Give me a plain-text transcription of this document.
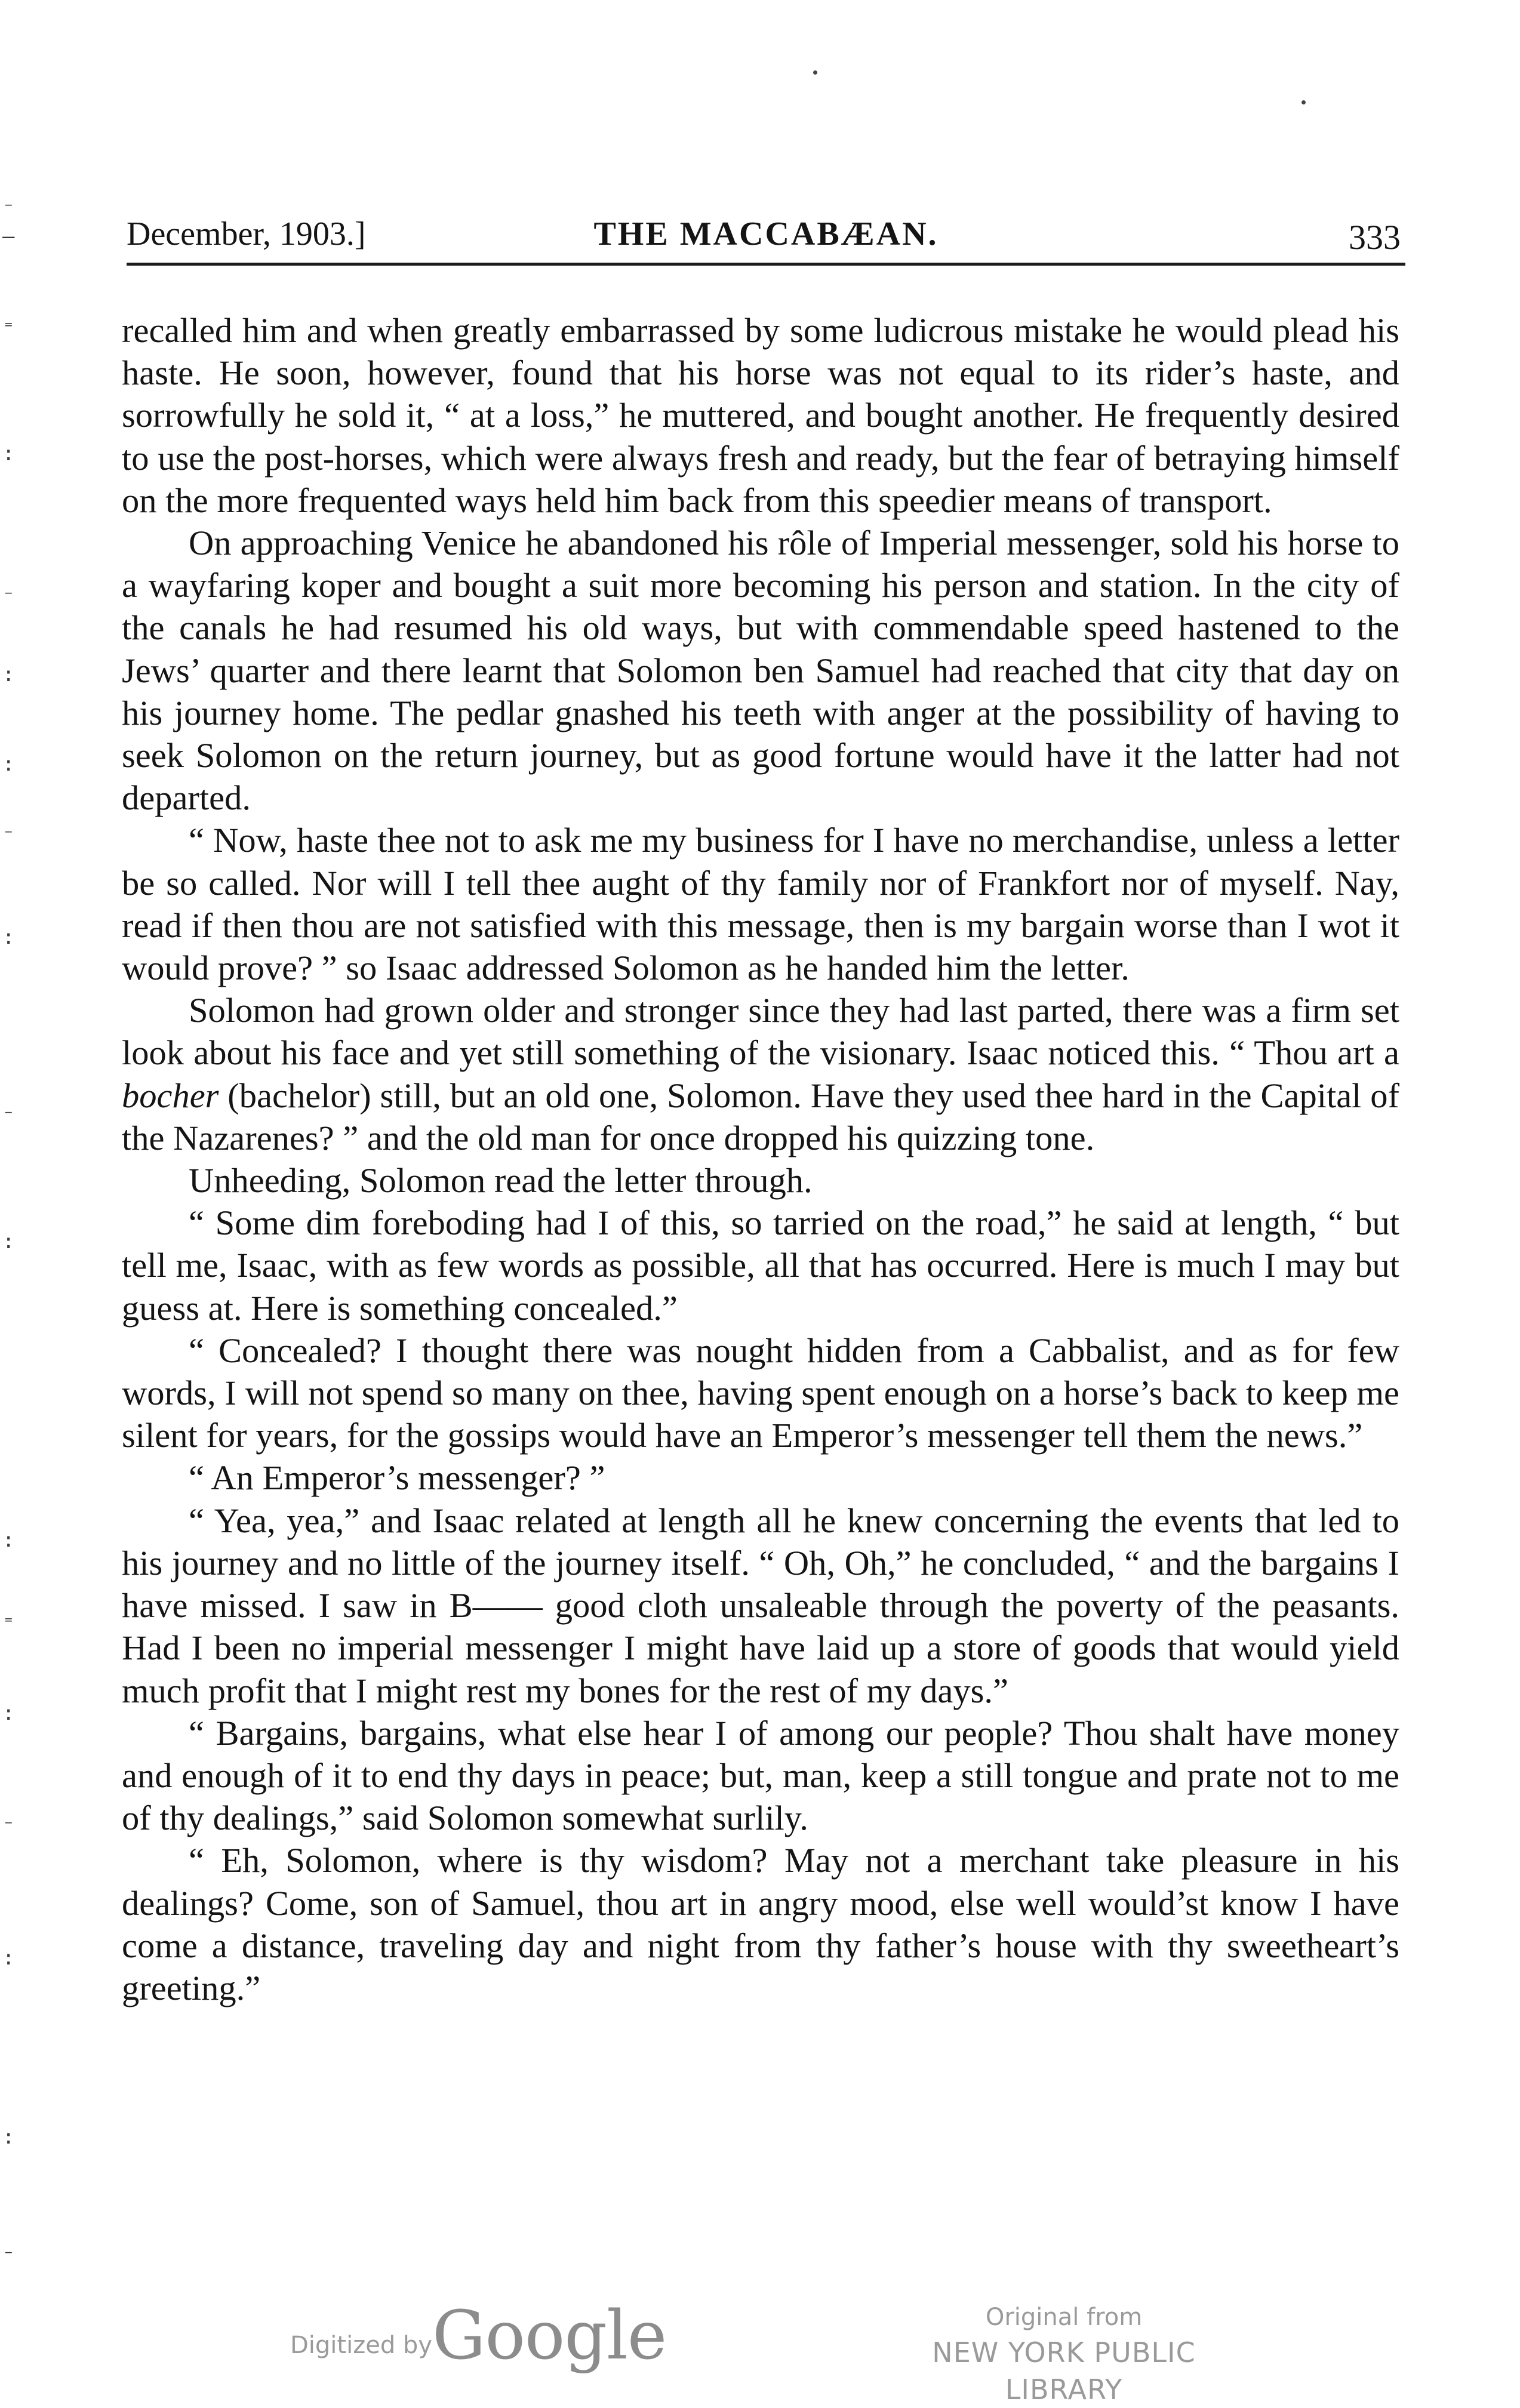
⁻
—
⁼
:
⁻
:
:
⁻
:
⁻
:
:
⁼
:
⁻
:
:
⁻
December, 1903.]	THE MACCABÆAN.	333

recalled him and when greatly embarrassed by some ludicrous mistake he would plead his haste. He soon, however, found that his horse was not equal to its rider’s haste, and sorrowfully he sold it, “ at a loss,” he muttered, and bought another. He frequently desired to use the post-horses, which were always fresh and ready, but the fear of betraying himself on the more frequented ways held him back from this speedier means of transport.

On approaching Venice he abandoned his rôle of Imperial messenger, sold his horse to a wayfaring koper and bought a suit more becoming his person and station. In the city of the canals he had resumed his old ways, but with commendable speed hastened to the Jews’ quarter and there learnt that Solomon ben Samuel had reached that city that day on his journey home. The pedlar gnashed his teeth with anger at the possibility of having to seek Solomon on the return journey, but as good fortune would have it the latter had not departed.

“ Now, haste thee not to ask me my business for I have no merchandise, unless a letter be so called. Nor will I tell thee aught of thy family nor of Frankfort nor of myself. Nay, read if then thou are not satisfied with this message, then is my bargain worse than I wot it would prove? ” so Isaac addressed Solomon as he handed him the letter.

Solomon had grown older and stronger since they had last parted, there was a firm set look about his face and yet still something of the visionary. Isaac noticed this. “ Thou art a bocher (bachelor) still, but an old one, Solomon. Have they used thee hard in the Capital of the Nazarenes? ” and the old man for once dropped his quizzing tone.

Unheeding, Solomon read the letter through.

“ Some dim foreboding had I of this, so tarried on the road,” he said at length, “ but tell me, Isaac, with as few words as possible, all that has occurred. Here is much I may but guess at. Here is something concealed.”

“ Concealed? I thought there was nought hidden from a Cabbalist, and as for few words, I will not spend so many on thee, having spent enough on a horse’s back to keep me silent for years, for the gossips would have an Emperor’s messenger tell them the news.”

“ An Emperor’s messenger? ”

“ Yea, yea,” and Isaac related at length all he knew concerning the events that led to his journey and no little of the journey itself. “ Oh, Oh,” he concluded, “ and the bargains I have missed. I saw in B—— good cloth unsaleable through the poverty of the peasants. Had I been no imperial messenger I might have laid up a store of goods that would yield much profit that I might rest my bones for the rest of my days.”

“ Bargains, bargains, what else hear I of among our people? Thou shalt have money and enough of it to end thy days in peace; but, man, keep a still tongue and prate not to me of thy dealings,” said Solomon somewhat surlily.

“ Eh, Solomon, where is thy wisdom? May not a merchant take pleasure in his dealings? Come, son of Samuel, thou art in angry mood, else well would’st know I have come a distance, traveling day and night from thy father’s house with thy sweetheart’s greeting.”

Digitized by Google	Original from
NEW YORK PUBLIC LIBRARY
